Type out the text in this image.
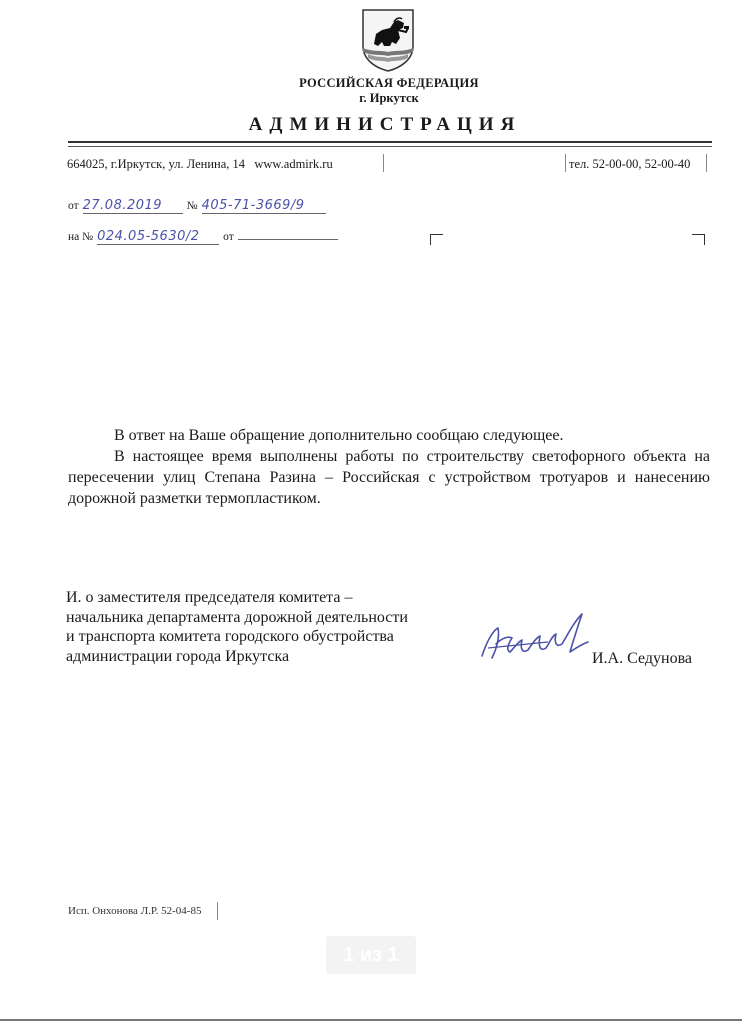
РОССИЙСКАЯ ФЕДЕРАЦИЯ
г. Иркутск
АДМИНИСТРАЦИЯ
664025, г.Иркутск, ул. Ленина, 14   www.admirk.ru	тел. 52-00-00, 52-00-40
от 27.08.2019 № 405-71-3669/9
на № 024.05-5630/2 от
В ответ на Ваше обращение дополнительно сообщаю следующее.
В настоящее время выполнены работы по строительству светофорного объекта на пересечении улиц Степана Разина – Российская с устройством тротуаров и нанесению дорожной разметки термопластиком.
И. о заместителя председателя комитета –
начальника департамента дорожной деятельности
и транспорта комитета городского обустройства
администрации города Иркутска	И.А. Седунова
Исп. Онхонова Л.Р. 52-04-85
1 из 1
